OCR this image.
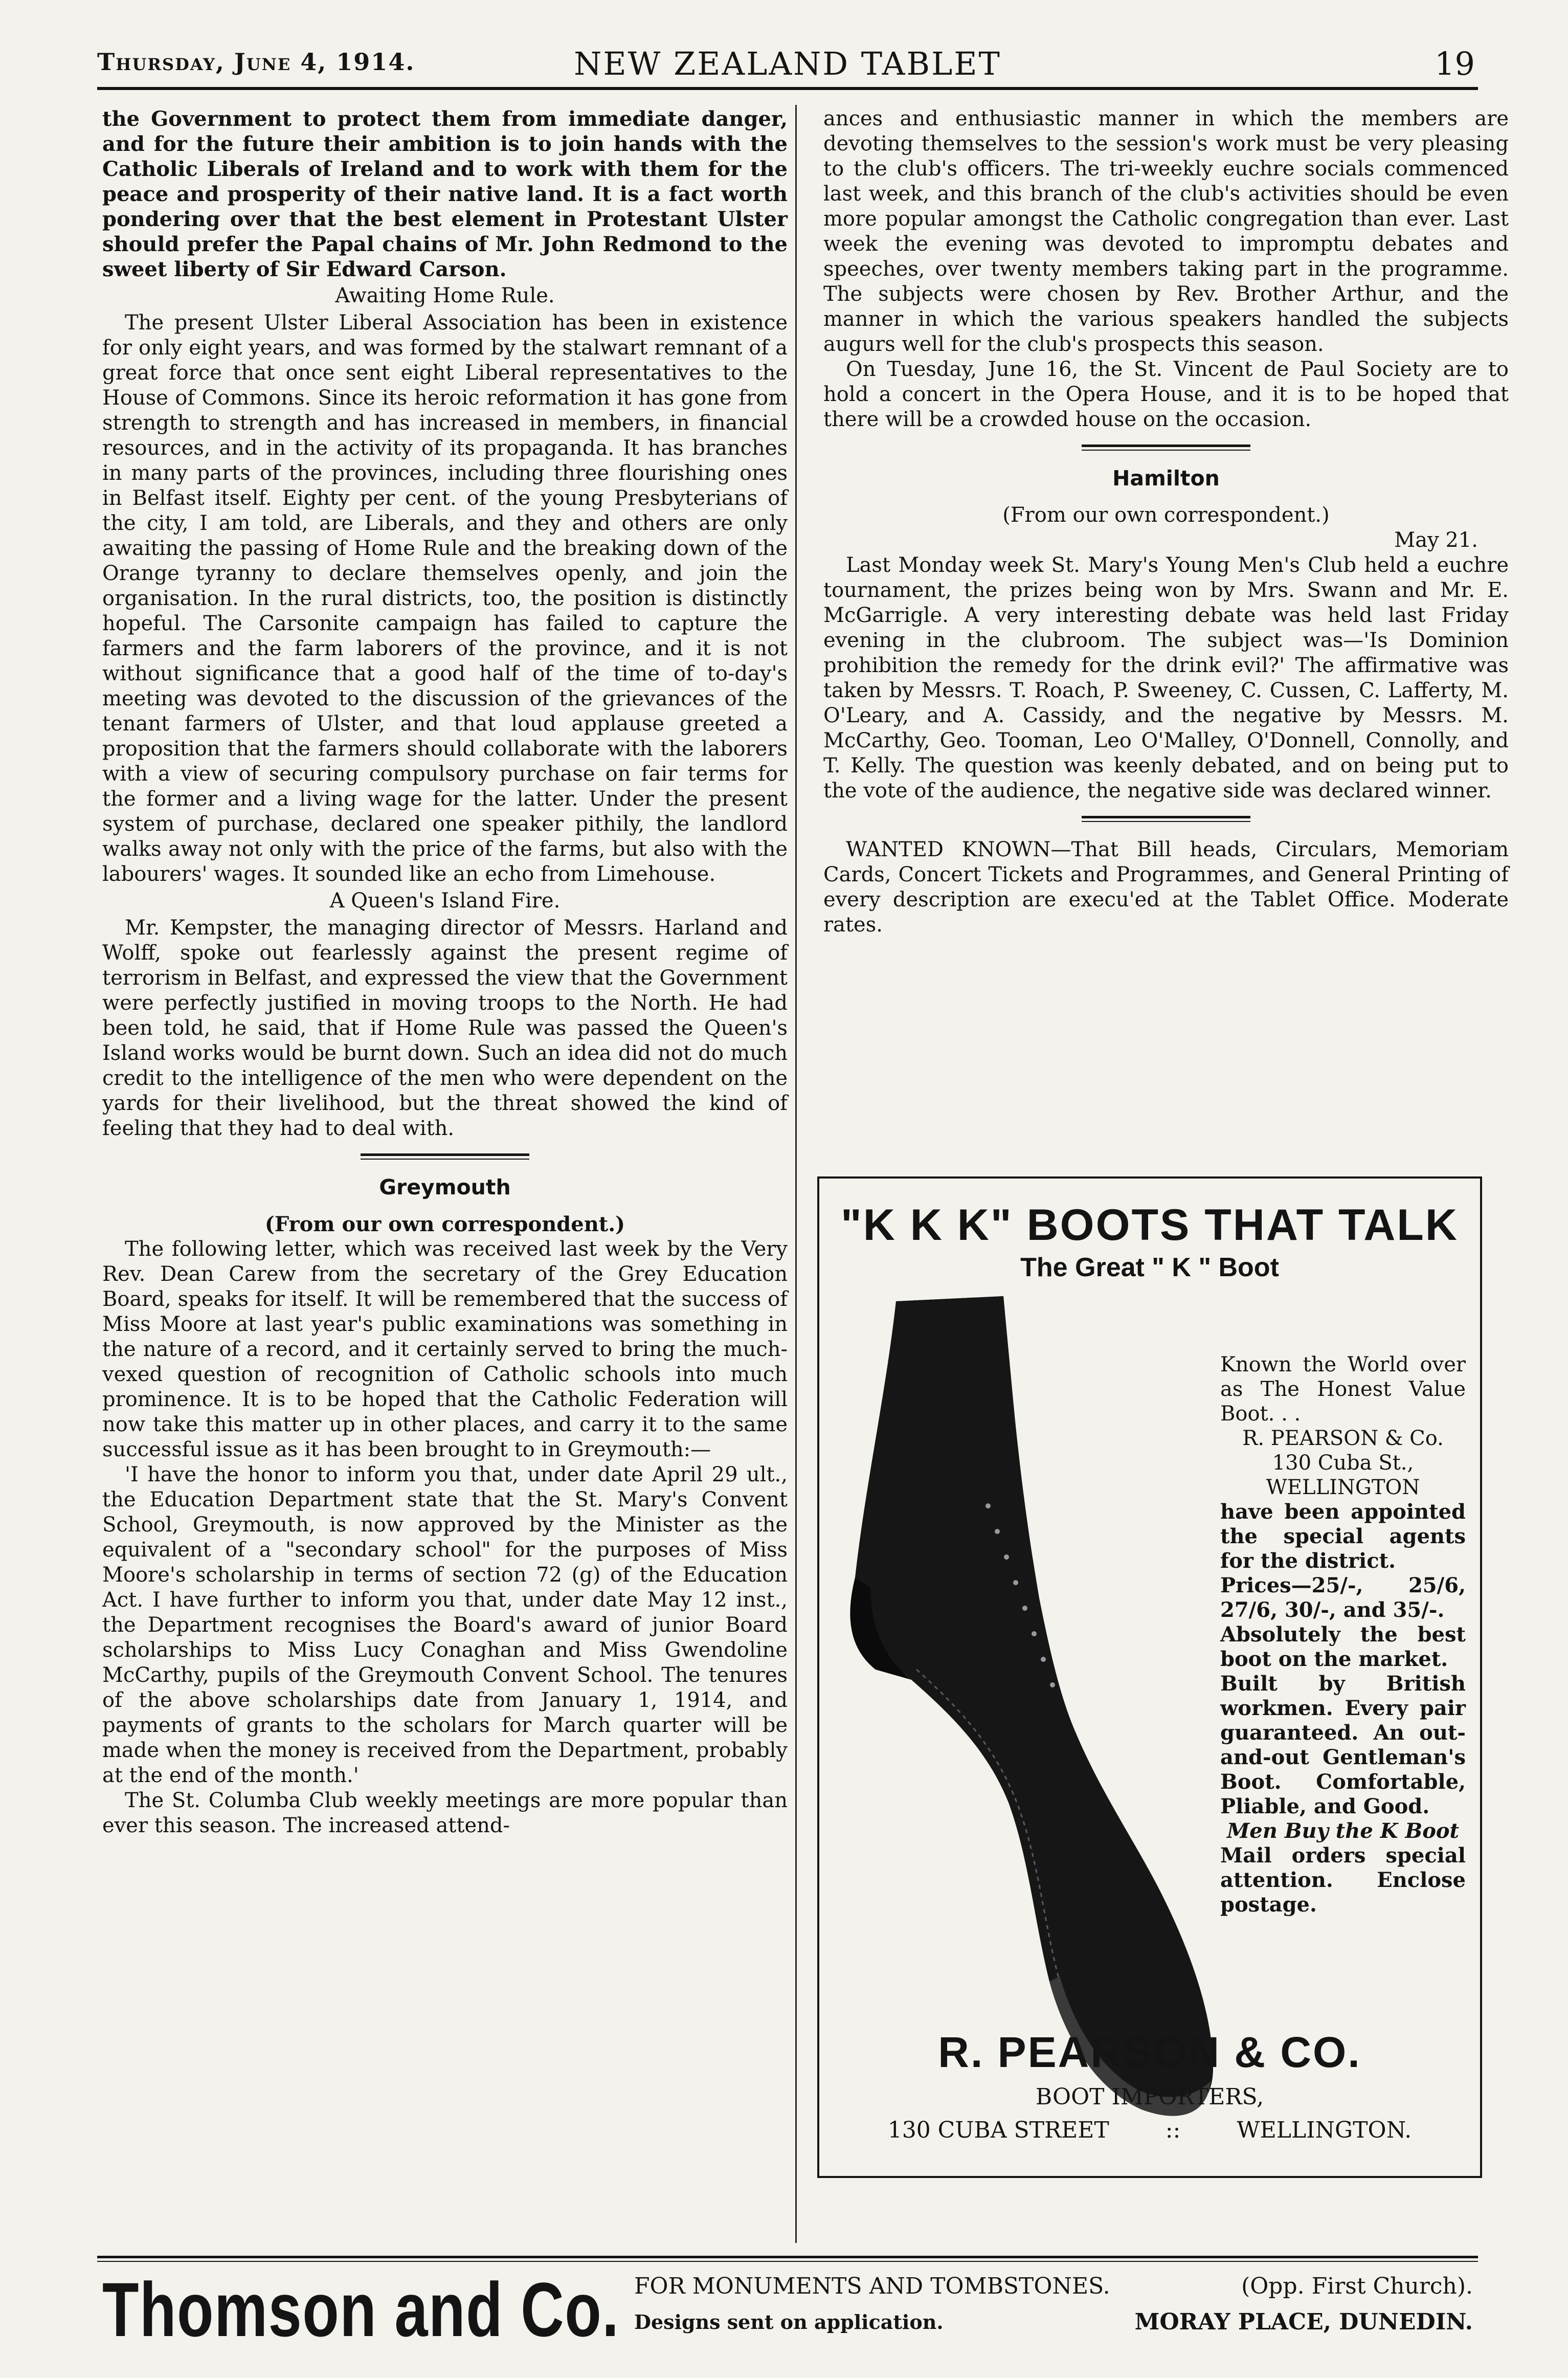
Thursday, June 4, 1914.	NEW ZEALAND TABLET	19

the Government to protect them from immediate danger, and for the future their ambition is to join hands with the Catholic Liberals of Ireland and to work with them for the peace and prosperity of their native land. It is a fact worth pondering over that the best element in Protestant Ulster should prefer the Papal chains of Mr. John Redmond to the sweet liberty of Sir Edward Carson.

Awaiting Home Rule.

The present Ulster Liberal Association has been in existence for only eight years, and was formed by the stalwart remnant of a great force that once sent eight Liberal representatives to the House of Commons. Since its heroic reformation it has gone from strength to strength and has increased in members, in financial resources, and in the activity of its propaganda. It has branches in many parts of the provinces, including three flourishing ones in Belfast itself. Eighty per cent. of the young Presbyterians of the city, I am told, are Liberals, and they and others are only awaiting the passing of Home Rule and the breaking down of the Orange tyranny to declare themselves openly, and join the organisation. In the rural districts, too, the position is distinctly hopeful. The Carsonite campaign has failed to capture the farmers and the farm laborers of the province, and it is not without significance that a good half of the time of to-day's meeting was devoted to the discussion of the grievances of the tenant farmers of Ulster, and that loud applause greeted a proposition that the farmers should collaborate with the laborers with a view of securing compulsory purchase on fair terms for the former and a living wage for the latter. Under the present system of purchase, declared one speaker pithily, the landlord walks away not only with the price of the farms, but also with the labourers' wages. It sounded like an echo from Limehouse.

A Queen's Island Fire.

Mr. Kempster, the managing director of Messrs. Harland and Wolff, spoke out fearlessly against the present regime of terrorism in Belfast, and expressed the view that the Government were perfectly justified in moving troops to the North. He had been told, he said, that if Home Rule was passed the Queen's Island works would be burnt down. Such an idea did not do much credit to the intelligence of the men who were dependent on the yards for their livelihood, but the threat showed the kind of feeling that they had to deal with.

Greymouth

(From our own correspondent.)

The following letter, which was received last week by the Very Rev. Dean Carew from the secretary of the Grey Education Board, speaks for itself. It will be remembered that the success of Miss Moore at last year's public examinations was something in the nature of a record, and it certainly served to bring the much-vexed question of recognition of Catholic schools into much prominence. It is to be hoped that the Catholic Federation will now take this matter up in other places, and carry it to the same successful issue as it has been brought to in Greymouth:—

'I have the honor to inform you that, under date April 29 ult., the Education Department state that the St. Mary's Convent School, Greymouth, is now approved by the Minister as the equivalent of a "secondary school" for the purposes of Miss Moore's scholarship in terms of section 72 (g) of the Education Act. I have further to inform you that, under date May 12 inst., the Department recognises the Board's award of junior Board scholarships to Miss Lucy Conaghan and Miss Gwendoline McCarthy, pupils of the Greymouth Convent School. The tenures of the above scholarships date from January 1, 1914, and payments of grants to the scholars for March quarter will be made when the money is received from the Department, probably at the end of the month.'

The St. Columba Club weekly meetings are more popular than ever this season. The increased attend-

ances and enthusiastic manner in which the members are devoting themselves to the session's work must be very pleasing to the club's officers. The tri-weekly euchre socials commenced last week, and this branch of the club's activities should be even more popular amongst the Catholic congregation than ever. Last week the evening was devoted to impromptu debates and speeches, over twenty members taking part in the programme. The subjects were chosen by Rev. Brother Arthur, and the manner in which the various speakers handled the subjects augurs well for the club's prospects this season.

On Tuesday, June 16, the St. Vincent de Paul Society are to hold a concert in the Opera House, and it is to be hoped that there will be a crowded house on the occasion.

Hamilton

(From our own correspondent.)

May 21.

Last Monday week St. Mary's Young Men's Club held a euchre tournament, the prizes being won by Mrs. Swann and Mr. E. McGarrigle. A very interesting debate was held last Friday evening in the clubroom. The subject was—'Is Dominion prohibition the remedy for the drink evil?' The affirmative was taken by Messrs. T. Roach, P. Sweeney, C. Cussen, C. Lafferty, M. O'Leary, and A. Cassidy, and the negative by Messrs. M. McCarthy, Geo. Tooman, Leo O'Malley, O'Donnell, Connolly, and T. Kelly. The question was keenly debated, and on being put to the vote of the audience, the negative side was declared winner.

WANTED KNOWN—That Bill heads, Circulars, Memoriam Cards, Concert Tickets and Programmes, and General Printing of every description are execu'ed at the Tablet Office. Moderate rates.

"K K K" BOOTS THAT TALK
The Great " K " Boot
Known the World over as The Honest Value Boot. . .
R. PEARSON & Co.
130 Cuba St.,
WELLINGTON
have been appointed the special agents for the district.
Prices—25/-, 25/6, 27/6, 30/-, and 35/-.
Absolutely the best boot on the market.
Built by British workmen. Every pair guaranteed. An out-and-out Gentleman's Boot. Comfortable, Pliable, and Good.
Men Buy the K Boot
Mail orders special attention. Enclose postage.
R. PEARSON & CO.
BOOT IMPORTERS,
130 CUBA STREET	::	WELLINGTON.
Thomson and Co. FOR MONUMENTS AND TOMBSTONES.	(Opp. First Church).
Designs sent on application.	MORAY PLACE, DUNEDIN.
